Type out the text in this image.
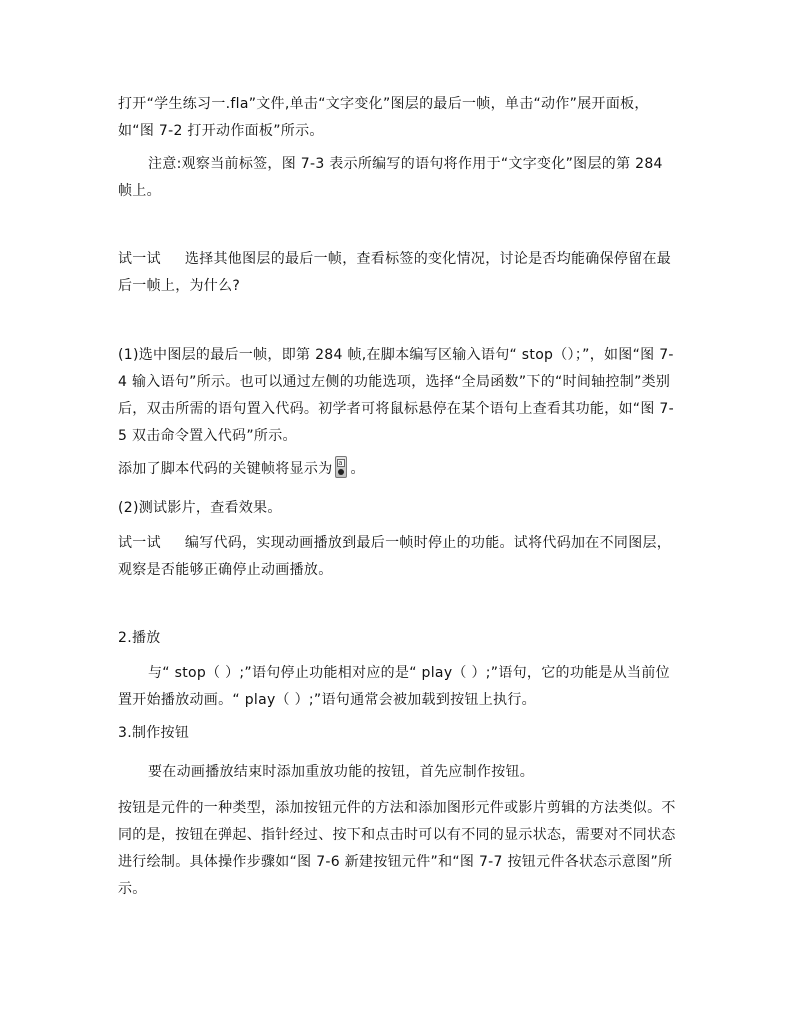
打开“学生练习一.fla”文件,单击“文字变化”图层的最后一帧，单击“动作”展开面板，如“图 7-2 打开动作面板”所示。

注意:观察当前标签，图 7-3 表示所编写的语句将作用于“文字变化”图层的第 284 帧上。

试一试 选择其他图层的最后一帧，查看标签的变化情况，讨论是否均能确保停留在最后一帧上，为什么?

(1)选中图层的最后一帧，即第 284 帧,在脚本编写区输入语句“ stop（）；”，如图“图 7-4 输入语句”所示。也可以通过左侧的功能选项，选择“全局函数”下的“时间轴控制”类别后，双击所需的语句置入代码。初学者可将鼠标悬停在某个语句上查看其功能，如“图 7-5 双击命令置入代码”所示。

添加了脚本代码的关键帧将显示为 a 。

(2)测试影片，查看效果。

试一试 编写代码，实现动画播放到最后一帧时停止的功能。试将代码加在不同图层，观察是否能够正确停止动画播放。

2.播放

与“ stop（ ）;”语句停止功能相对应的是“ play（ ）;”语句，它的功能是从当前位置开始播放动画。“ play（ ）;”语句通常会被加载到按钮上执行。

3.制作按钮

要在动画播放结束时添加重放功能的按钮，首先应制作按钮。

按钮是元件的一种类型，添加按钮元件的方法和添加图形元件或影片剪辑的方法类似。不同的是，按钮在弹起、指针经过、按下和点击时可以有不同的显示状态，需要对不同状态进行绘制。具体操作步骤如“图 7-6 新建按钮元件”和“图 7-7 按钮元件各状态示意图”所示。
